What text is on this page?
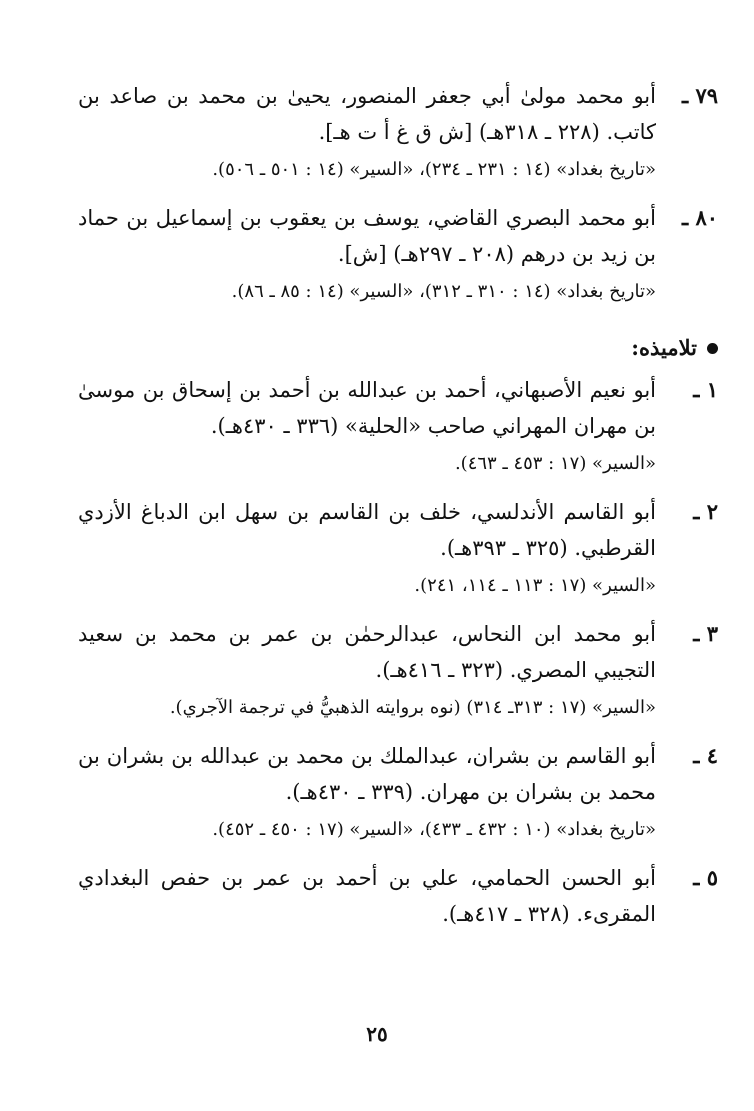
٧٩ ـ
أبو محمد مولىٰ أبي جعفر المنصور، يحيىٰ بن محمد بن صاعد بن كاتب. (٢٢٨ ـ ٣١٨هـ) [ش ق غ أ ت هـ].
«تاريخ بغداد» (١٤ : ٢٣١ ـ ٢٣٤)، «السير» (١٤ : ٥٠١ ـ ٥٠٦).
٨٠ ـ
أبو محمد البصري القاضي، يوسف بن يعقوب بن إسماعيل بن حماد بن زيد بن درهم (٢٠٨ ـ ٢٩٧هـ) [ش].
«تاريخ بغداد» (١٤ : ٣١٠ ـ ٣١٢)، «السير» (١٤ : ٨٥ ـ ٨٦).
تلاميذه:
١ ـ
أبو نعيم الأصبهاني، أحمد بن عبدالله بن أحمد بن إسحاق بن موسىٰ بن مهران المهراني صاحب «الحلية» (٣٣٦ ـ ٤٣٠هـ).
«السير» (١٧ : ٤٥٣ ـ ٤٦٣).
٢ ـ
أبو القاسم الأندلسي، خلف بن القاسم بن سهل ابن الدباغ الأزدي القرطبي. (٣٢٥ ـ ٣٩٣هـ).
«السير» (١٧ : ١١٣ ـ ١١٤، ٢٤١).
٣ ـ
أبو محمد ابن النحاس، عبدالرحمٰن بن عمر بن محمد بن سعيد التجيبي المصري. (٣٢٣ ـ ٤١٦هـ).
«السير» (١٧ : ٣١٣ـ ٣١٤) (نوه بروايته الذهبيُّ في ترجمة الآجري).
٤ ـ
أبو القاسم بن بشران، عبدالملك بن محمد بن عبدالله بن بشران بن محمد بن بشران بن مهران. (٣٣٩ ـ ٤٣٠هـ).
«تاريخ بغداد» (١٠ : ٤٣٢ ـ ٤٣٣)، «السير» (١٧ : ٤٥٠ ـ ٤٥٢).
٥ ـ
أبو الحسن الحمامي، علي بن أحمد بن عمر بن حفص البغدادي المقرىء. (٣٢٨ ـ ٤١٧هـ).
٢٥
